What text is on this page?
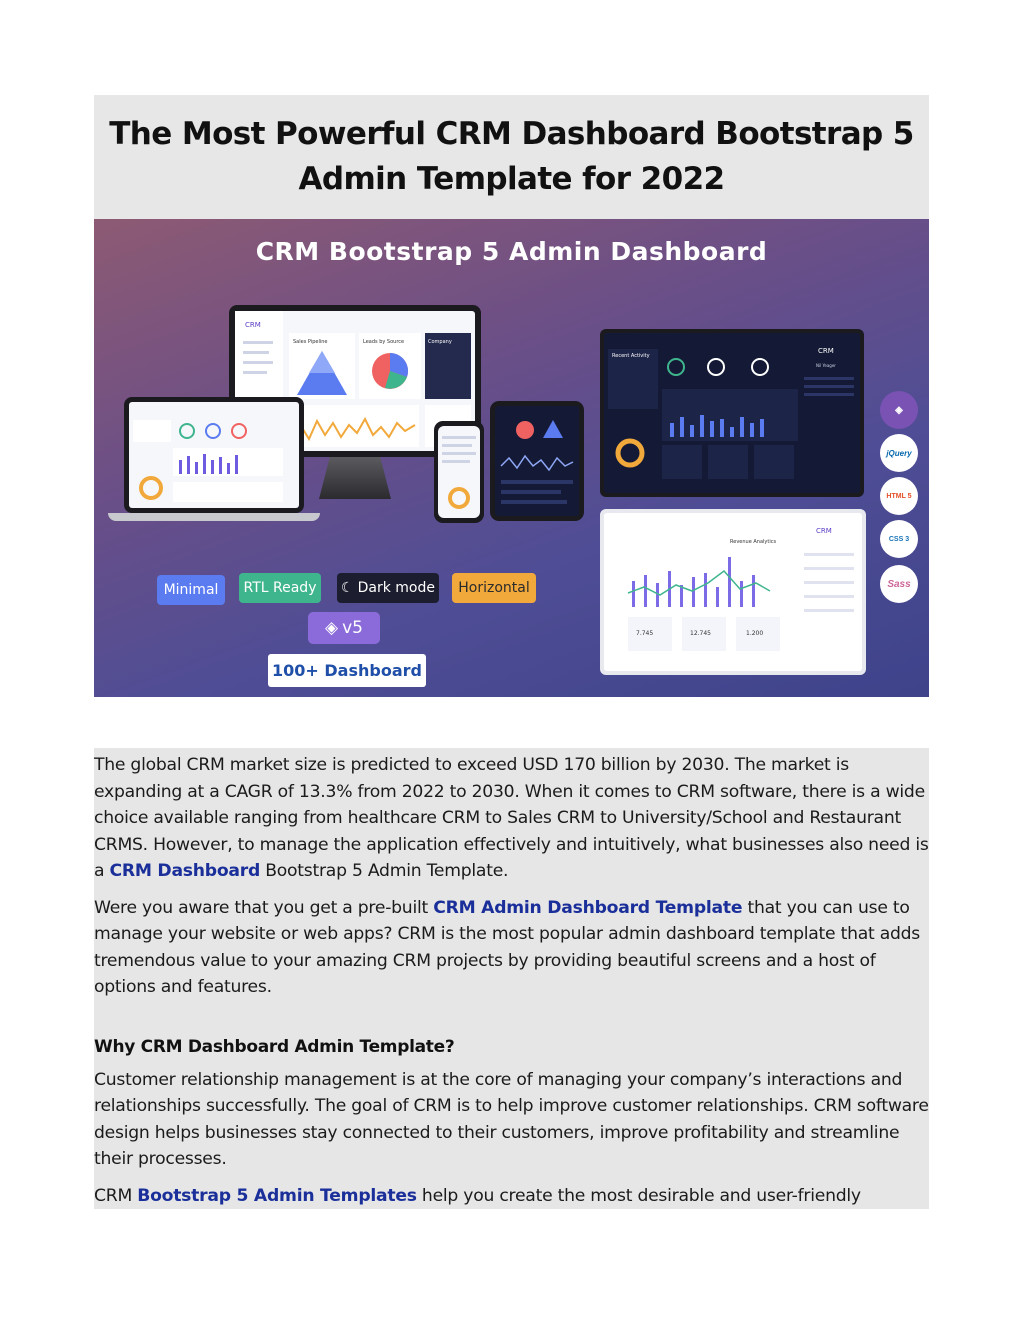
The Most Powerful CRM Dashboard Bootstrap 5
Admin Template for 2022
CRM Bootstrap 5 Admin Dashboard
CRM
Sales Pipeline	Leads by Source	Company
Recent Activity
CRM
Nil Yeager
Revenue Analytics
7.745	12.745	1.200
CRM
Minimal	RTL Ready	☾ Dark mode	Horizontal
◈ v5
100+ Dashboard
◈
jQuery
HTML 5
CSS 3
Sass

The global CRM market size is predicted to exceed USD 170 billion by 2030. The market is expanding at a CAGR of 13.3% from 2022 to 2030. When it comes to CRM software, there is a wide choice available ranging from healthcare CRM to Sales CRM to University/School and Restaurant CRMS. However, to manage the application effectively and intuitively, what businesses also need is a CRM Dashboard Bootstrap 5 Admin Template.

Were you aware that you get a pre-built CRM Admin Dashboard Template that you can use to manage your website or web apps? CRM is the most popular admin dashboard template that adds tremendous value to your amazing CRM projects by providing beautiful screens and a host of options and features.

Why CRM Dashboard Admin Template?

Customer relationship management is at the core of managing your company’s interactions and relationships successfully. The goal of CRM is to help improve customer relationships. CRM software design helps businesses stay connected to their customers, improve profitability and streamline their processes.

CRM Bootstrap 5 Admin Templates help you create the most desirable and user-friendly
